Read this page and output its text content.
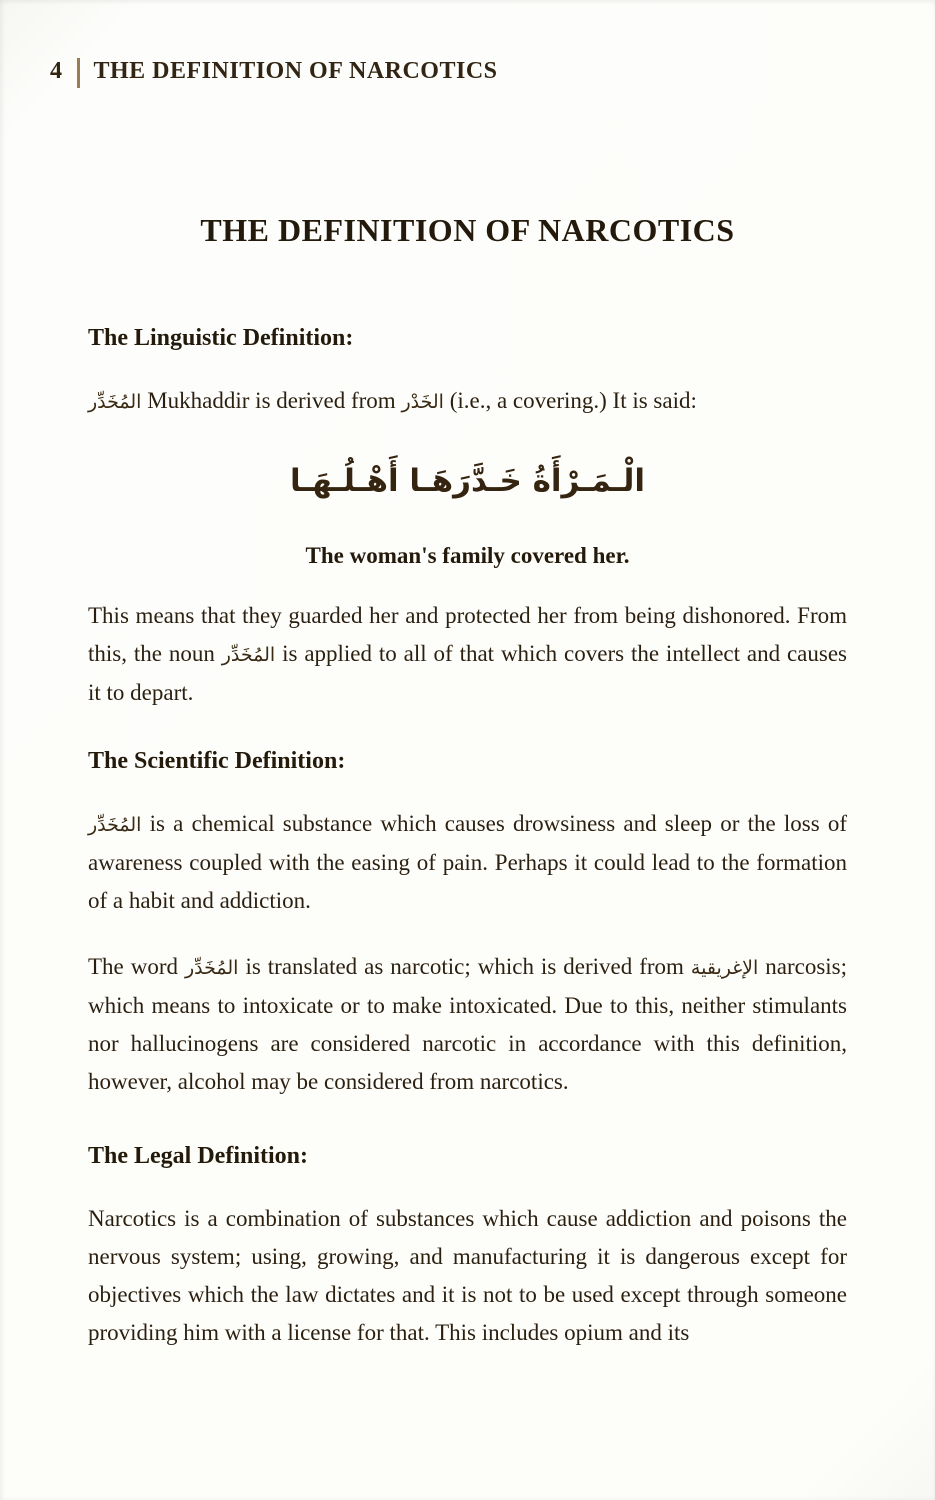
4	THE DEFINITION OF NARCOTICS
THE DEFINITION OF NARCOTICS
The Linguistic Definition:

المُخَدِّر Mukhaddir is derived from الخَدْر (i.e., a covering.) It is said:

الْـمَـرْأَةُ خَـدَّرَهَـا أَهْـلُـهَـا

The woman's family covered her.

This means that they guarded her and protected her from being dishonored. From this, the noun المُخَدِّر is applied to all of that which covers the intellect and causes it to depart.

The Scientific Definition:

المُخَدِّر is a chemical substance which causes drowsiness and sleep or the loss of awareness coupled with the easing of pain. Perhaps it could lead to the formation of a habit and addiction.

The word المُخَدِّر is translated as narcotic; which is derived from الإغريقية narcosis; which means to intoxicate or to make intoxicated. Due to this, neither stimulants nor hallucinogens are considered narcotic in accordance with this definition, however, alcohol may be considered from narcotics.

The Legal Definition:

Narcotics is a combination of substances which cause addiction and poisons the nervous system; using, growing, and manufacturing it is dangerous except for objectives which the law dictates and it is not to be used except through someone providing him with a license for that. This includes opium and its
